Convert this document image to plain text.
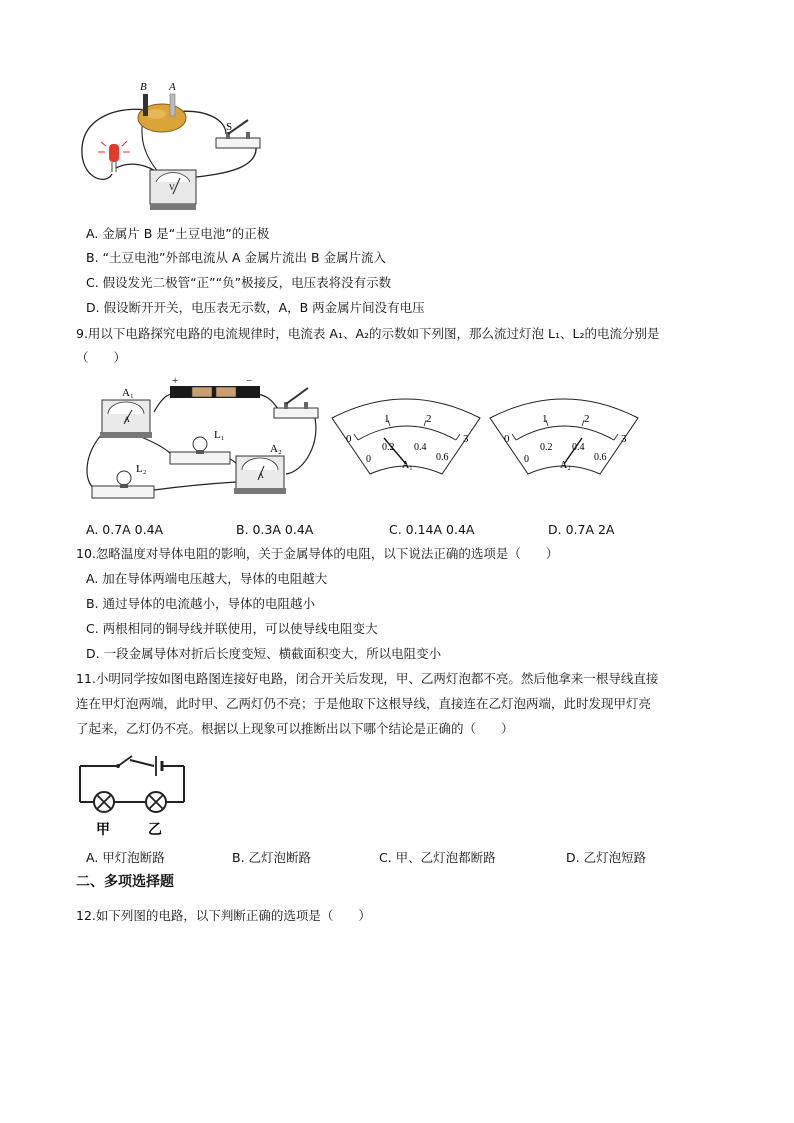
B A
S
V
A. 金属片 B 是“土豆电池”的正极
B. “土豆电池”外部电流从 A 金属片流出 B 金属片流入
C. 假设发光二极管“正”“负”极接反，电压表将没有示数
D. 假设断开开关，电压表无示数，A，B 两金属片间没有电压
9.用以下电路探究电路的电流规律时，电流表 A₁、A₂的示数如下列图，那么流过灯泡 L₁、L₂的电流分别是
（　　）
+	−
A
A₁
L₁
L₂
A
A₂
0
1	2
3
0
0.2 0.4
0.6
A₁
0
1	2
3
0
0.2 0.4
0.6
A₂
A. 0.7A 0.4A	B. 0.3A 0.4A	C. 0.14A 0.4A	D. 0.7A 2A
10.忽略温度对导体电阻的影响，关于金属导体的电阻，以下说法正确的选项是（　　）
A. 加在导体两端电压越大，导体的电阻越大
B. 通过导体的电流越小，导体的电阻越小
C. 两根相同的铜导线并联使用，可以使导线电阻变大
D. 一段金属导体对折后长度变短、横截面积变大，所以电阻变小
11.小明同学按如图电路图连接好电路，闭合开关后发现，甲、乙两灯泡都不亮。然后他拿来一根导线直接
连在甲灯泡两端，此时甲、乙两灯仍不亮；于是他取下这根导线，直接连在乙灯泡两端，此时发现甲灯亮
了起来，乙灯仍不亮。根据以上现象可以推断出以下哪个结论是正确的（　　）
甲	乙
A. 甲灯泡断路	B. 乙灯泡断路	C. 甲、乙灯泡都断路	D. 乙灯泡短路
二、多项选择题
12.如下列图的电路，以下判断正确的选项是（　　）
